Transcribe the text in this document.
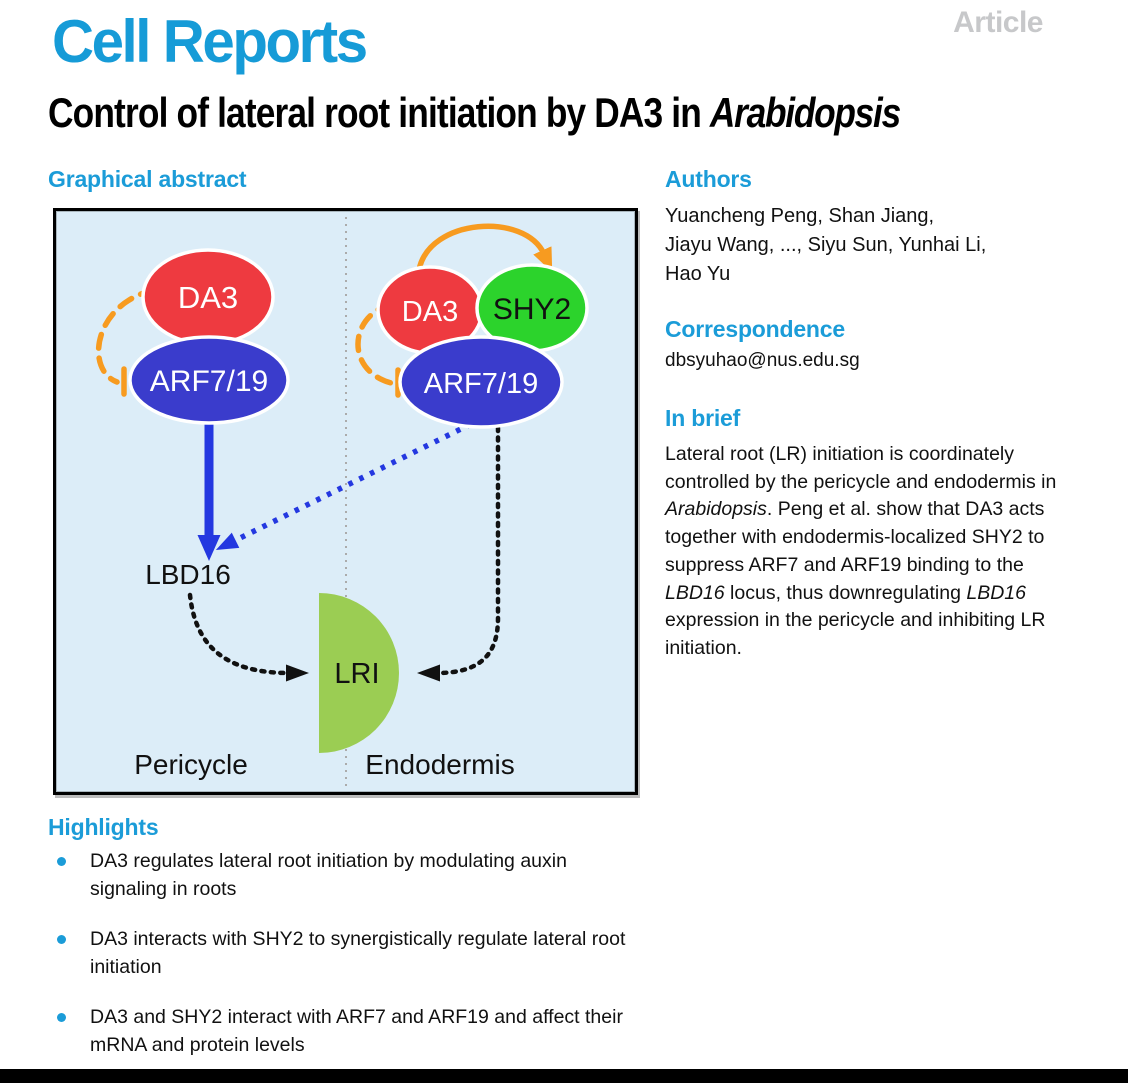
Cell Reports	Article
Control of lateral root initiation by DA3 in Arabidopsis
Graphical abstract
DA3
ARF7/19
DA3 SHY2
ARF7/19
LBD16
LRI
Pericycle	Endodermis
Authors
Yuancheng Peng, Shan Jiang,
Jiayu Wang, ..., Siyu Sun, Yunhai Li,
Hao Yu
Correspondence
dbsyuhao@nus.edu.sg
In brief
Lateral root (LR) initiation is coordinately controlled by the pericycle and endodermis in Arabidopsis. Peng et al. show that DA3 acts together with endodermis-localized SHY2 to suppress ARF7 and ARF19 binding to the LBD16 locus, thus downregulating LBD16 expression in the pericycle and inhibiting LR initiation.
Highlights
DA3 regulates lateral root initiation by modulating auxin signaling in roots
DA3 interacts with SHY2 to synergistically regulate lateral root initiation
DA3 and SHY2 interact with ARF7 and ARF19 and affect their mRNA and protein levels
